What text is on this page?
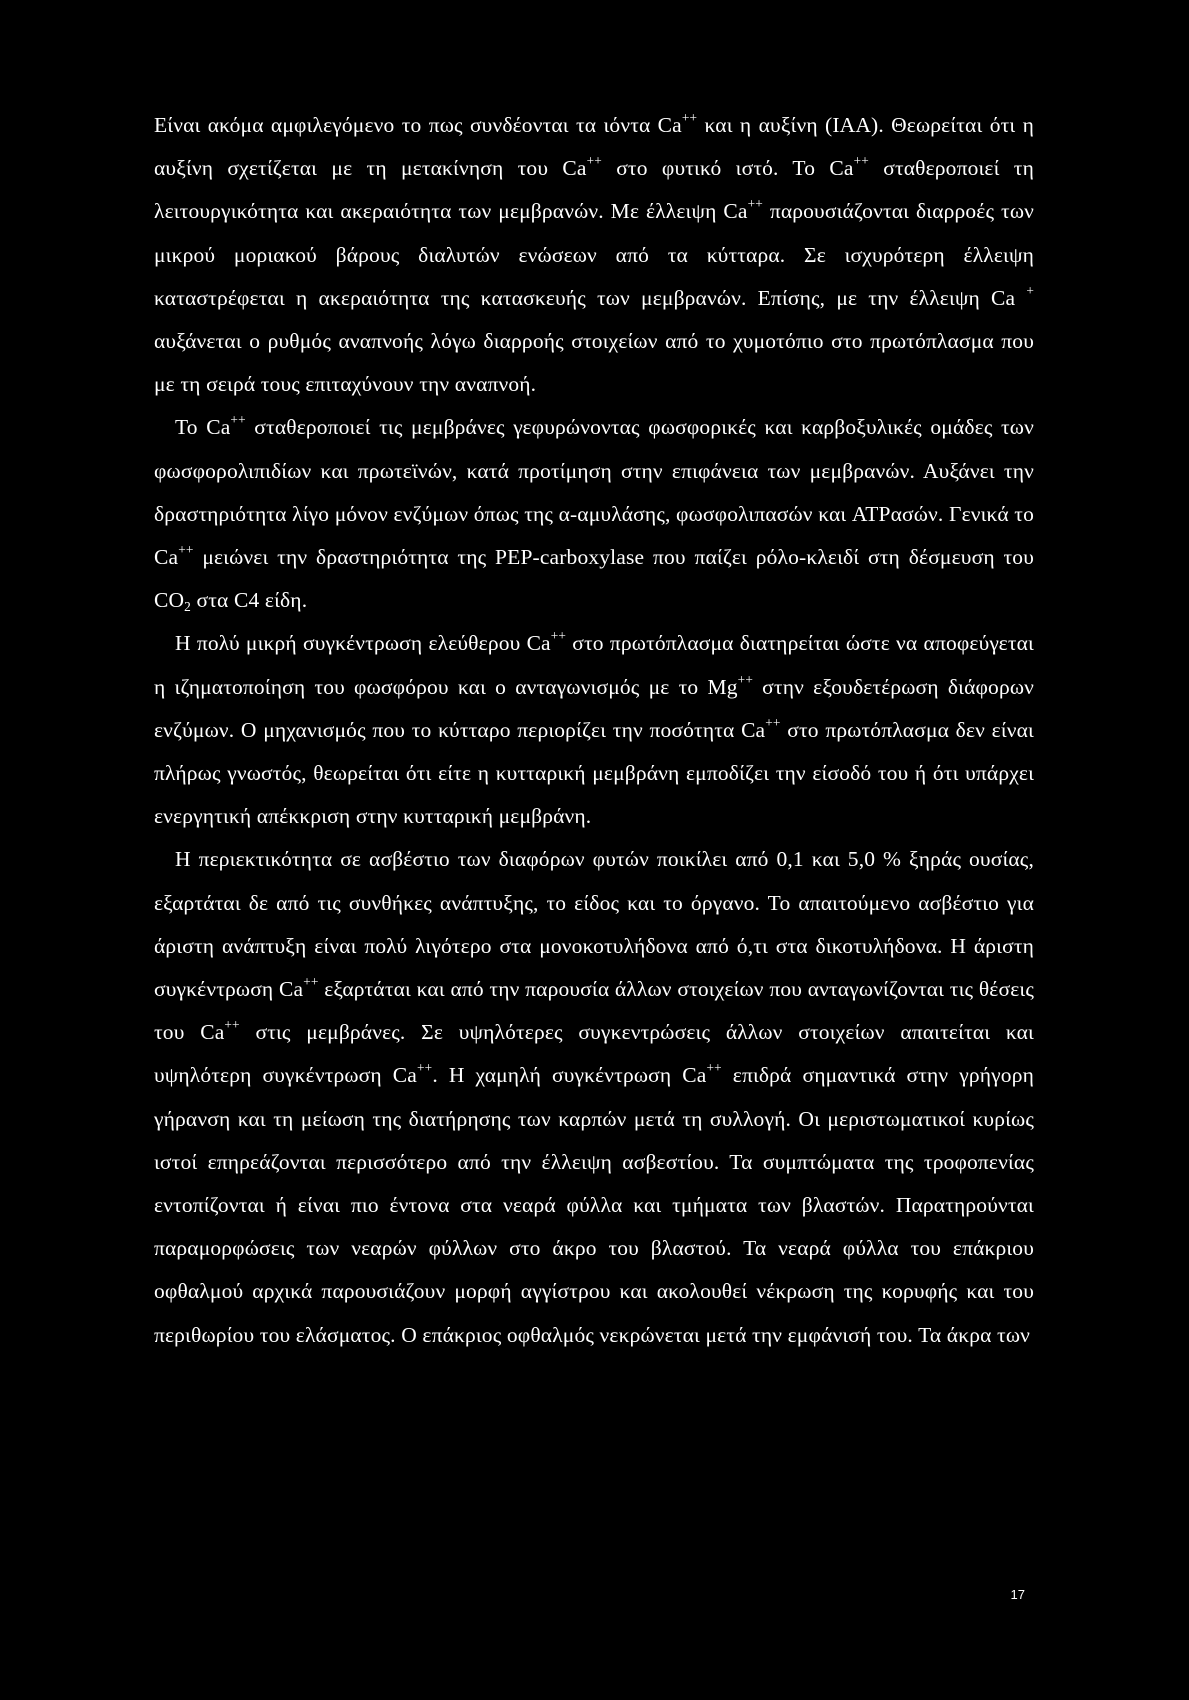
Είναι ακόμα αμφιλεγόμενο το πως συνδέονται τα ιόντα Ca++ και η αυξίνη (ΙΑΑ). Θεωρείται ότι η αυξίνη σχετίζεται με τη μετακίνηση του Ca++ στο φυτικό ιστό. Το Ca++ σταθεροποιεί τη λειτουργικότητα και ακεραιότητα των μεμβρανών. Με έλλειψη Ca++ παρουσιάζονται διαρροές των μικρού μοριακού βάρους διαλυτών ενώσεων από τα κύτταρα. Σε ισχυρότερη έλλειψη καταστρέφεται η ακεραιότητα της κατασκευής των μεμβρανών. Επίσης, με την έλλειψη Ca + αυξάνεται ο ρυθμός αναπνοής λόγω διαρροής στοιχείων από το χυμοτόπιο στο πρωτόπλασμα που με τη σειρά τους επιταχύνουν την αναπνοή.

Το Ca++ σταθεροποιεί τις μεμβράνες γεφυρώνοντας φωσφορικές και καρβοξυλικές ομάδες των φωσφορολιπιδίων και πρωτεϊνών, κατά προτίμηση στην επιφάνεια των μεμβρανών. Αυξάνει την δραστηριότητα λίγο μόνον ενζύμων όπως της α-αμυλάσης, φωσφολιπασών και ATPασών. Γενικά το Ca++ μειώνει την δραστηριότητα της PEP-carboxylase που παίζει ρόλο-κλειδί στη δέσμευση του $CO_2$ στα C4 είδη.

Η πολύ μικρή συγκέντρωση ελεύθερου Ca++ στο πρωτόπλασμα διατηρείται ώστε να αποφεύγεται η ιζηματοποίηση του φωσφόρου και ο ανταγωνισμός με το Mg++ στην εξουδετέρωση διάφορων ενζύμων. Ο μηχανισμός που το κύτταρο περιορίζει την ποσότητα Ca++ στο πρωτόπλασμα δεν είναι πλήρως γνωστός, θεωρείται ότι είτε η κυτταρική μεμβράνη εμποδίζει την είσοδό του ή ότι υπάρχει ενεργητική απέκκριση στην κυτταρική μεμβράνη.

Η περιεκτικότητα σε ασβέστιο των διαφόρων φυτών ποικίλει από 0,1 και 5,0 % ξηράς ουσίας, εξαρτάται δε από τις συνθήκες ανάπτυξης, το είδος και το όργανο. Το απαιτούμενο ασβέστιο για άριστη ανάπτυξη είναι πολύ λιγότερο στα μονοκοτυλήδονα από ό,τι στα δικοτυλήδονα. Η άριστη συγκέντρωση Ca++ εξαρτάται και από την παρουσία άλλων στοιχείων που ανταγωνίζονται τις θέσεις του Ca++ στις μεμβράνες. Σε υψηλότερες συγκεντρώσεις άλλων στοιχείων απαιτείται και υψηλότερη συγκέντρωση Ca++. Η χαμηλή συγκέντρωση Ca++ επιδρά σημαντικά στην γρήγορη γήρανση και τη μείωση της διατήρησης των καρπών μετά τη συλλογή. Οι μεριστωματικοί κυρίως ιστοί επηρεάζονται περισσότερο από την έλλειψη ασβεστίου. Τα συμπτώματα της τροφοπενίας εντοπίζονται ή είναι πιο έντονα στα νεαρά φύλλα και τμήματα των βλαστών. Παρατηρούνται παραμορφώσεις των νεαρών φύλλων στο άκρο του βλαστού. Τα νεαρά φύλλα του επάκριου οφθαλμού αρχικά παρουσιάζουν μορφή αγγίστρου και ακολουθεί νέκρωση της κορυφής και του περιθωρίου του ελάσματος. Ο επάκριος οφθαλμός νεκρώνεται μετά την εμφάνισή του. Τα άκρα των

17
